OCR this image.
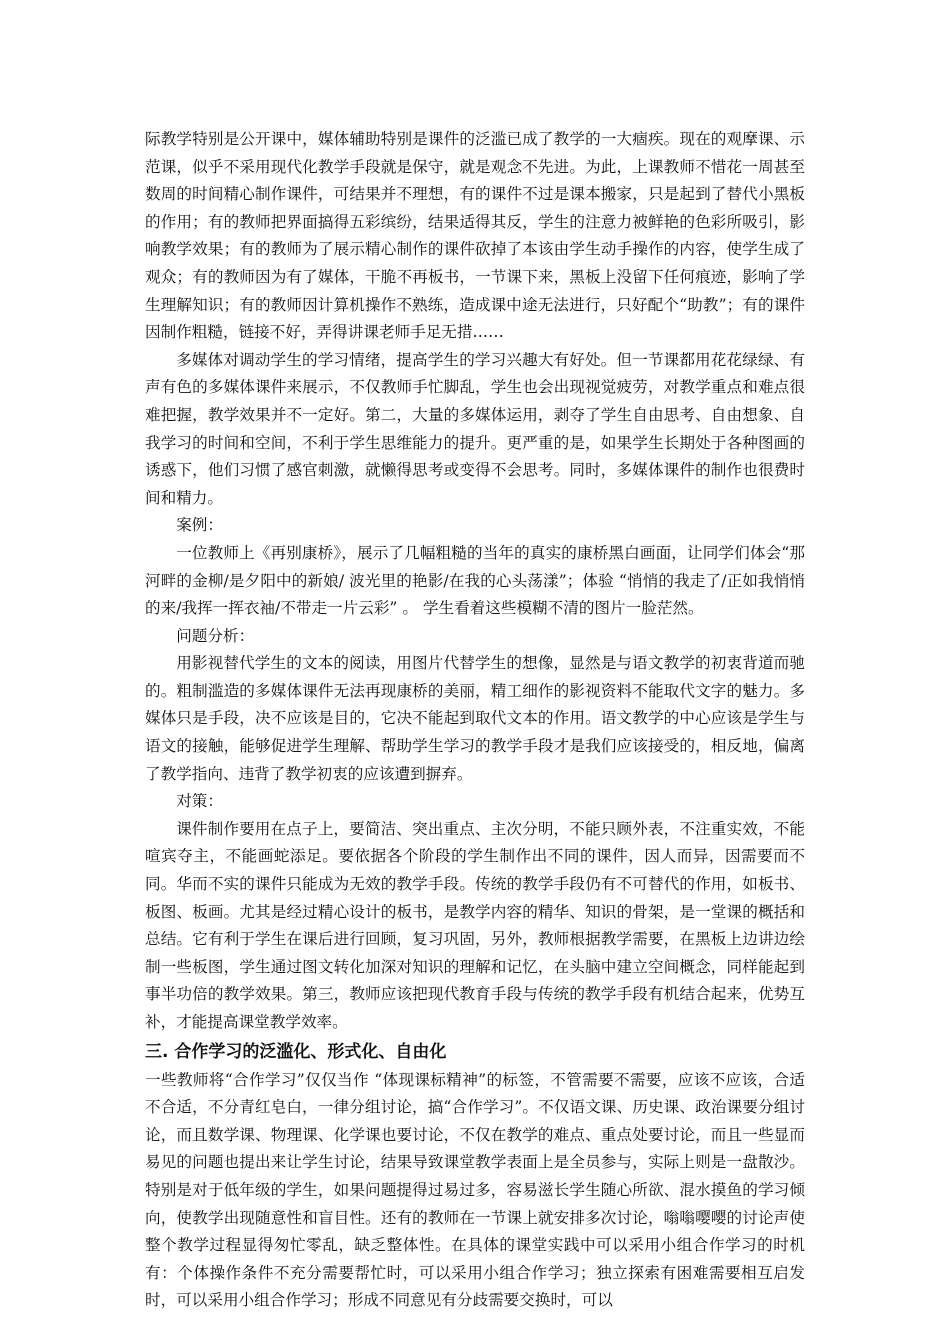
际教学特别是公开课中，媒体辅助特别是课件的泛滥已成了教学的一大痼疾。现在的观摩课、示范课，似乎不采用现代化教学手段就是保守，就是观念不先进。为此，上课教师不惜花一周甚至数周的时间精心制作课件，可结果并不理想，有的课件不过是课本搬家，只是起到了替代小黑板的作用；有的教师把界面搞得五彩缤纷，结果适得其反，学生的注意力被鲜艳的色彩所吸引，影响教学效果；有的教师为了展示精心制作的课件砍掉了本该由学生动手操作的内容，使学生成了观众；有的教师因为有了媒体，干脆不再板书，一节课下来，黑板上没留下任何痕迹，影响了学生理解知识；有的教师因计算机操作不熟练，造成课中途无法进行，只好配个“助教”；有的课件因制作粗糙，链接不好，弄得讲课老师手足无措……

多媒体对调动学生的学习情绪，提高学生的学习兴趣大有好处。但一节课都用花花绿绿、有声有色的多媒体课件来展示，不仅教师手忙脚乱，学生也会出现视觉疲劳，对教学重点和难点很难把握，教学效果并不一定好。第二，大量的多媒体运用，剥夺了学生自由思考、自由想象、自我学习的时间和空间，不利于学生思维能力的提升。更严重的是，如果学生长期处于各种图画的诱惑下，他们习惯了感官刺激，就懒得思考或变得不会思考。同时，多媒体课件的制作也很费时间和精力。

案例：

一位教师上《再别康桥》，展示了几幅粗糙的当年的真实的康桥黑白画面，让同学们体会“那河畔的金柳/是夕阳中的新娘/ 波光里的艳影/在我的心头荡漾”；体验 “悄悄的我走了/正如我悄悄的来/我挥一挥衣袖/不带走一片云彩” 。 学生看着这些模糊不清的图片一脸茫然。

问题分析：

用影视替代学生的文本的阅读，用图片代替学生的想像，显然是与语文教学的初衷背道而驰的。粗制滥造的多媒体课件无法再现康桥的美丽，精工细作的影视资料不能取代文字的魅力。多媒体只是手段，决不应该是目的，它决不能起到取代文本的作用。语文教学的中心应该是学生与语文的接触，能够促进学生理解、帮助学生学习的教学手段才是我们应该接受的，相反地，偏离了教学指向、违背了教学初衷的应该遭到摒弃。

对策：

课件制作要用在点子上，要简洁、突出重点、主次分明，不能只顾外表，不注重实效，不能喧宾夺主，不能画蛇添足。要依据各个阶段的学生制作出不同的课件，因人而异，因需要而不同。华而不实的课件只能成为无效的教学手段。传统的教学手段仍有不可替代的作用，如板书、板图、板画。尤其是经过精心设计的板书，是教学内容的精华、知识的骨架，是一堂课的概括和总结。它有利于学生在课后进行回顾，复习巩固，另外，教师根据教学需要，在黑板上边讲边绘制一些板图，学生通过图文转化加深对知识的理解和记忆，在头脑中建立空间概念，同样能起到事半功倍的教学效果。第三，教师应该把现代教育手段与传统的教学手段有机结合起来，优势互补，才能提高课堂教学效率。

三. 合作学习的泛滥化、形式化、自由化

一些教师将“合作学习”仅仅当作 “体现课标精神”的标签，不管需要不需要，应该不应该，合适不合适，不分青红皂白，一律分组讨论，搞“合作学习”。不仅语文课、历史课、政治课要分组讨论，而且数学课、物理课、化学课也要讨论，不仅在教学的难点、重点处要讨论，而且一些显而易见的问题也提出来让学生讨论，结果导致课堂教学表面上是全员参与，实际上则是一盘散沙。特别是对于低年级的学生，如果问题提得过易过多，容易滋长学生随心所欲、混水摸鱼的学习倾向，使教学出现随意性和盲目性。还有的教师在一节课上就安排多次讨论，嗡嗡嘤嘤的讨论声使整个教学过程显得匆忙零乱，缺乏整体性。在具体的课堂实践中可以采用小组合作学习的时机有：个体操作条件不充分需要帮忙时，可以采用小组合作学习；独立探索有困难需要相互启发时，可以采用小组合作学习；形成不同意见有分歧需要交换时，可以
